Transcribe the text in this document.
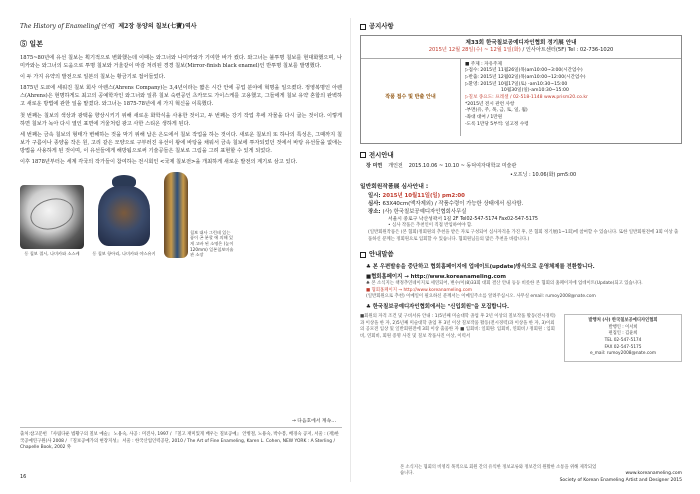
The History of Enameling[연재] 제2장 동양의 칠보(七寶)역사
⑤ 일본

1875~80년에 유선 칠보는 획기적으로 변화했는데 이때는 와그너와 나미카와가 기여한 바가 컸다. 와그너는 불투명 칠보를 현대화했으며, 나미카와는 와그너의 도움으로 투명 칠보와 거울같이 마감 처리된 경경 칠보(Mirror-finish black enamel)인 반투명 칠보를 발명했다.

이 두 가지 유약의 발전으로 일본의 칠보는 황금기로 접어들었다.

1875년 도쿄에 세워진 칠보 회사 아렌스(Ahrens Company)는 3,4년이라는 짧은 시간 안에 공업 분야에 혁명을 일으켰다. 정영복명인 아렌스(Ahrens)은 현명하게도 최고의 공예학자인 와그너와 일류 칠보 숙련공인 츠카모도 가이스케를 고용했고, 그들에게 칠보 유약 혼합의 완벽하고 새로운 방법에 관한 일을 맡겼다. 와그너는 1875-78년에 세 가지 혁신을 이룩했다.

첫 번째는 칠보의 색상과 광택을 향상시키기 위해 새로운 화학식을 사용한 것이고, 두 번째는 강기 작업 후에 자물을 다시 굽는 것이다. 이렇게 하면 칠보가 녹아 다시 열인 표면에 거울처럼 광고 사한 스티온 생하게 된다.

세 번째는 금속 칠보의 형태가 변해하는 것을 막기 위해 납은 은도에서 칠보 작업을 하는 것이다. 새로운 칠보의 또 하나의 특성은, 그때까지 칠보가 구름이나 종양을 작은 원, 고리 같은 모양으로 구부러진 유선이 왕에 바탕을 채워서 금속 칠보에 투자되었던 것에서 바탕 유선들을 없애는 방법을 사용하게 된 것이며, 이 유선들에게 해방됨으로써 기술공들은 칠보로 그림을 그려 표현할 수 있게 되었다.

이후 1878년부터는 세계 각국의 작가들이 참여하는 전시회인 <국제 칠보전>을 개최하게 새로운 발전의 계기로 삼고 있다.

동 칠보 접시, 나미카와 소스케	동 칠보 항아리, 나미카와 야스유키
칠보 대사 그런데 있는 품이 곤 분할 에 의해 있게 고바 된 소명은 (높이 120mm) 일본칠보미술관 소장
→ 다음호에서 계속…
출처:참고문헌 『사림다운 법황구의 칠보 예술』 노용숙, 사공 : 미진사, 1997 / 『칠고 재미있게 배우는 칠보공예』 안병철, 노용숙, 박수봉, 배경숙 공저, 서울 : (재)한국공예연구원(사 2008 / 『칠보공예가의 현장지성』 서울 : 한국산업인력공단, 2010 / The Art of Fine Enameling, Karen L. Cohen, NEW YORK : A Sterling / Chapelle Book, 2002 外
16
공지사항
제33회 한국칠보공예디자인협회 정기展 안내
2015년 12월 28일(수) ~ 12월 1일(화) / 인사아트센터(5F) Tel : 02-736-1020
작품 접수 및 반출 안내
■ 주제 : 자유주제
▷접수: 2015년 11월26일(목)am10:00~3:00(시간엄수)
▷반출: 2015년 12월02일(목)am10:00~12:00(시간엄수)
▷환영: 2015년 10월17일(토) -am10:30~15:00
10월30일(일)-am10:30~15:00
▷칠보 종요도: 프레셀 / 02-518-1148 www.prism20.co.kr
*2015년 전시 관련 사항
-부면(유, 주, 목, 금, 토, 일, 월)
-좌대 대여 / 1만원
-도록 1만당 5부씩: 일고정 수령
전시안내
장 미연 개인전 2015.10.06 ~ 10.10 ~ 동덕여자대학교 미술관
•오프닝 : 10.06(화) pm5:00
일반회원작품展 심사안내 :
일시: 2015년 10월11일(일) pm2:00
심사: 63X40cm(액자제외) / 작품수령이 가능한 상태에서 심사함.
장소: (사) 한국칠보공예디자인협회사무실
서울시 중로구 낙산성곽서 1길 2F Tel02-547-5174 Fax02-547-5175
• 심사 작품은 추천인이 직접 반입하여야 함.
(일반회원작품은 (본 협회)정회원의 추천을 받은 자로 구성되어 심사자격을 가진 후, 본 협회 정기展(1~1회)에 참여할 수 있습니다. 또한 일반회원전에 3회 이상 출품하신 분께는 정회원으로 입회할 수 있습니다. 협회원님들의 많은 추천을 바랍니다.)
안내말씀
♣ 본 우편발송을 중단하고 협회홈페이지에 업데이트(update)방식으로 운영체제를 전환합니다.
■협회홈페이지 → http://www.koreanameling.com
♣ 본 소식지는 책정추연네이지로 세연되어, 변수/이(8)33회 대회 결산 안내 등등 비롯한 본 협회의 홈페이지에 업데이트(Update)되고 있습니다.
■ 협회홈페이지 → http://www.koreanameling.com
(일반회원으로 추천) 이메일이 필요하신 분께서는 이메일주소를 알려주십시오. 사무실 email: rumoy2008@nate.com
♣ 한국칠보공예디자인협회에서는 "신입회원"을 모집합니다.
■회원의 자격 조건 및 구비서류 안내 : 1)5년째 미술대학 졸업 후 2년 이상의 칠보작품 활동(전시경력)과 이상을 한 자, 2)5년째 미술대학 졸업 후 3년 이상 칠보작품 활동(전시경력)과 이상을 한 자, 3)이외의 공모전 입상 및 일반회원전에 3회 이상 출품한 자 ■ 입회비: 일회원: 입회비, 연회비 / 정회원 : 입회비, 연회비, 회원 증명 사진 및 칠보 작품사진 이상, 이력서
발행처 (사) 한국칠보공예디자인협회
발행인 : 이서희
편집인 : 김윤희
TEL 02-547-5174
FAX 02-547-5175
e_mail: rumoy2008@nate.com
본 소식지는 협회의 비영리 목적으로 회원 간의 유익한 정보교류와 정보간의 원활한 소통을 위해 제작되었습니다.	www.koreanameling.com
Society of Korean Enameling Artist and Designer 2015
